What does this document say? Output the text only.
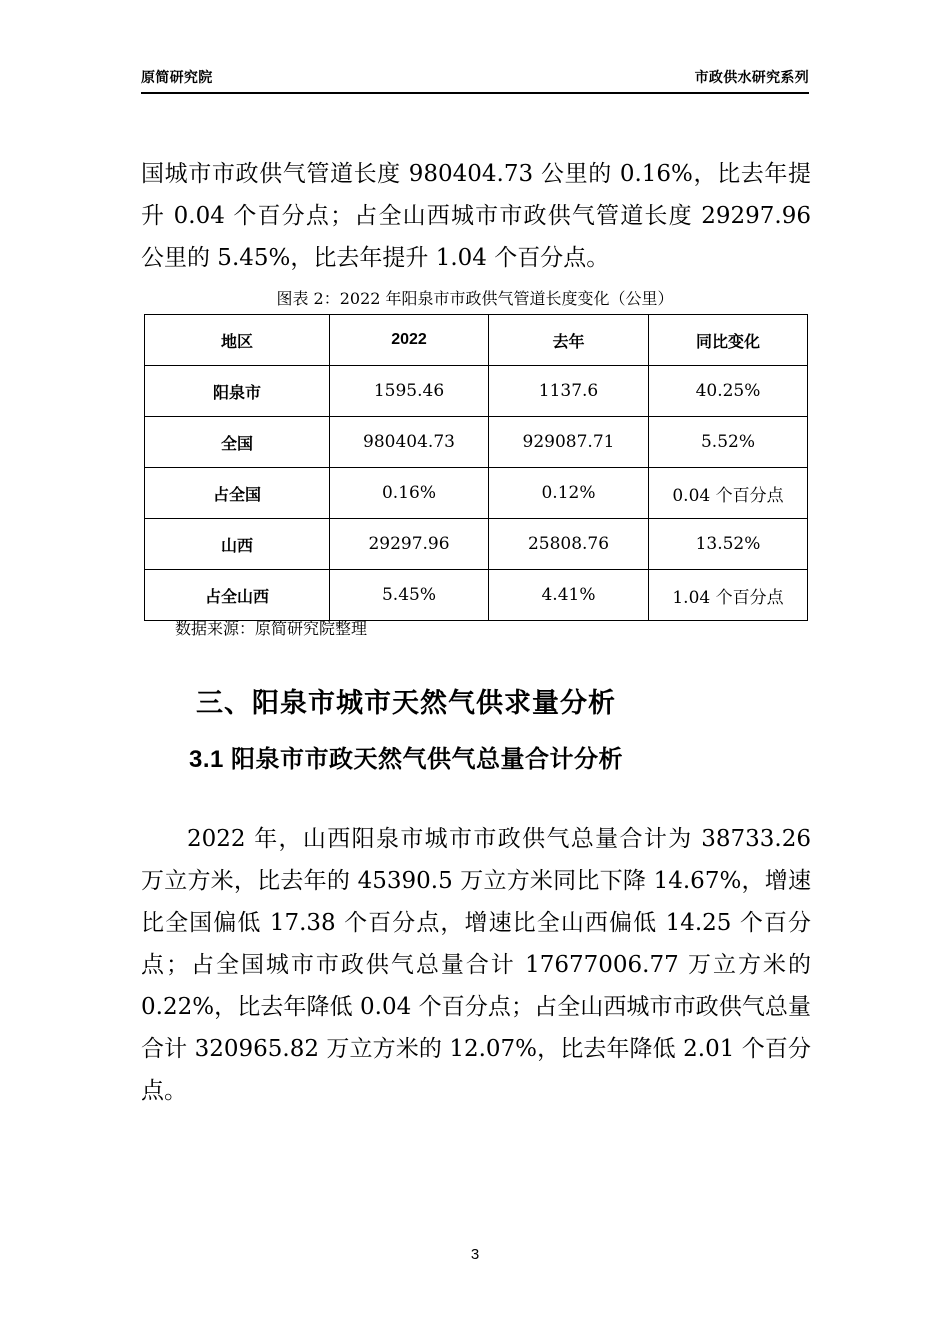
原简研究院	市政供水研究系列

国城市市政供气管道长度 980404.73 公里的 0.16%，比去年提升 0.04 个百分点；占全山西城市市政供气管道长度 29297.96 公里的 5.45%，比去年提升 1.04 个百分点。

图表 2：2022 年阳泉市市政供气管道长度变化（公里）
地区	2022	去年	同比变化
阳泉市	1595.46	1137.6	40.25%
全国	980404.73	929087.71	5.52%
占全国	0.16%	0.12%	0.04 个百分点
山西	29297.96	25808.76	13.52%
占全山西	5.45%	4.41%	1.04 个百分点
数据来源：原简研究院整理
三、阳泉市城市天然气供求量分析
3.1 阳泉市市政天然气供气总量合计分析

2022 年，山西阳泉市城市市政供气总量合计为 38733.26 万立方米，比去年的 45390.5 万立方米同比下降 14.67%，增速比全国偏低 17.38 个百分点，增速比全山西偏低 14.25 个百分点；占全国城市市政供气总量合计 17677006.77 万立方米的 0.22%，比去年降低 0.04 个百分点；占全山西城市市政供气总量合计 320965.82 万立方米的 12.07%，比去年降低 2.01 个百分点。

3
